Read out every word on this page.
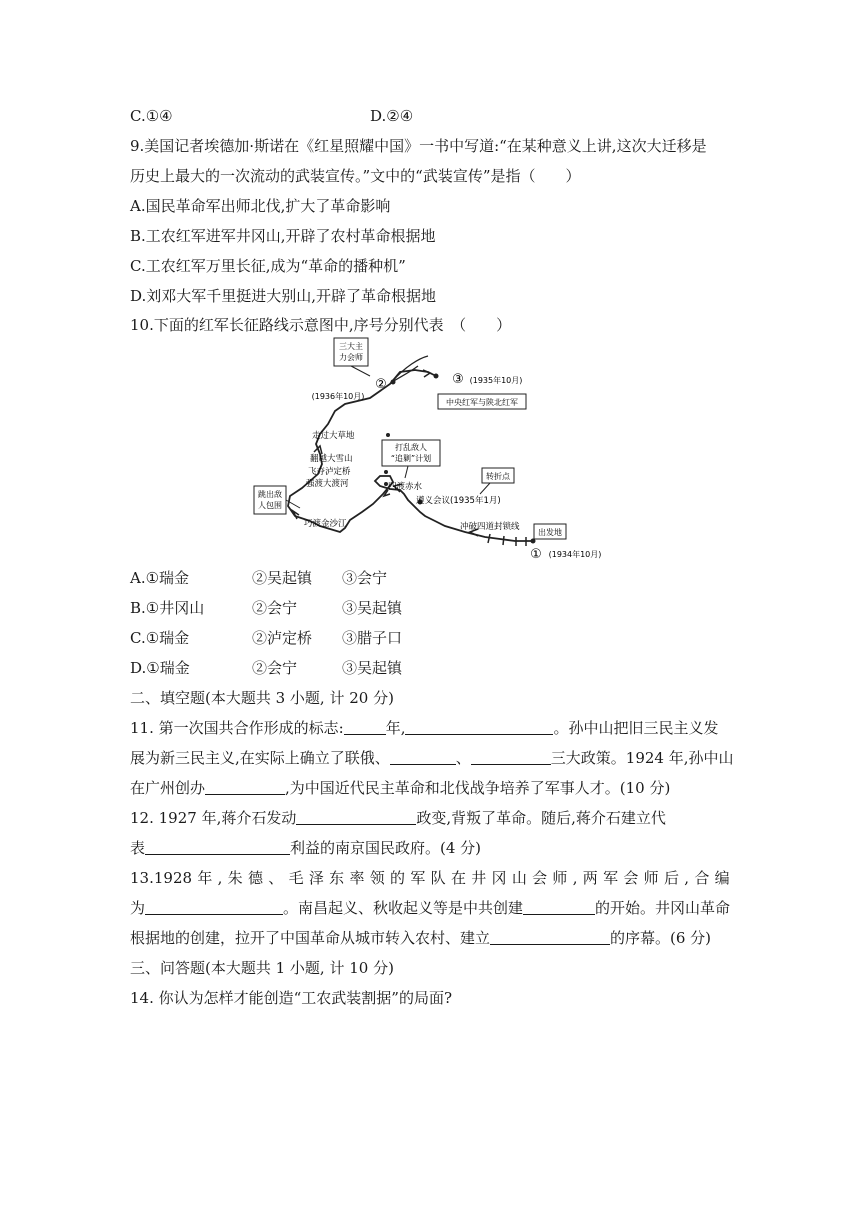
C.①④	D.②④
9.美国记者埃德加·斯诺在《红星照耀中国》一书中写道:“在某种意义上讲,这次大迁移是
历史上最大的一次流动的武装宣传。”文中的“武装宣传”是指（　　）
A.国民革命军出师北伐,扩大了革命影响
B.工农红军进军井冈山,开辟了农村革命根据地
C.工农红军万里长征,成为“革命的播种机”
D.刘邓大军千里挺进大别山,开辟了革命根据地
10.下面的红军长征路线示意图中,序号分别代表　（　　）
三大主
力会师
②
(1936年10月)
③ (1935年10月)
中央红军与陕北红军
走过大草地
翻越大雪山
飞夺泸定桥
强渡大渡河
跳出敌
人包围
巧渡金沙江
打乱敌人
“追剿”计划
四渡赤水
转折点
遵义会议(1935年1月)
冲破四道封锁线
出发地
① (1934年10月)
A.①瑞金	②吴起镇 ③会宁
B.①井冈山	②会宁	③吴起镇
C.①瑞金	②泸定桥 ③腊子口
D.①瑞金	②会宁	③吴起镇
二、填空题(本大题共 3 小题, 计 20 分)
11. 第一次国共合作形成的标志:	年,	。孙中山把旧三民主义发
展为新三民主义,在实际上确立了联俄、	、	三大政策。1924 年,孙中山
在广州创办	,为中国近代民主革命和北伐战争培养了军事人才。(10 分)
12. 1927 年,蒋介石发动	政变,背叛了革命。随后,蒋介石建立代
表	利益的南京国民政府。(4 分)
13.1928 年 , 朱 德 、 毛 泽 东 率 领 的 军 队 在 井 冈 山 会 师 , 两 军 会 师 后 , 合 编
为	。南昌起义、秋收起义等是中共创建	的开始。井冈山革命
根据地的创建，拉开了中国革命从城市转入农村、建立	的序幕。(6 分)
三、问答题(本大题共 1 小题, 计 10 分)
14. 你认为怎样才能创造“工农武装割据”的局面?
